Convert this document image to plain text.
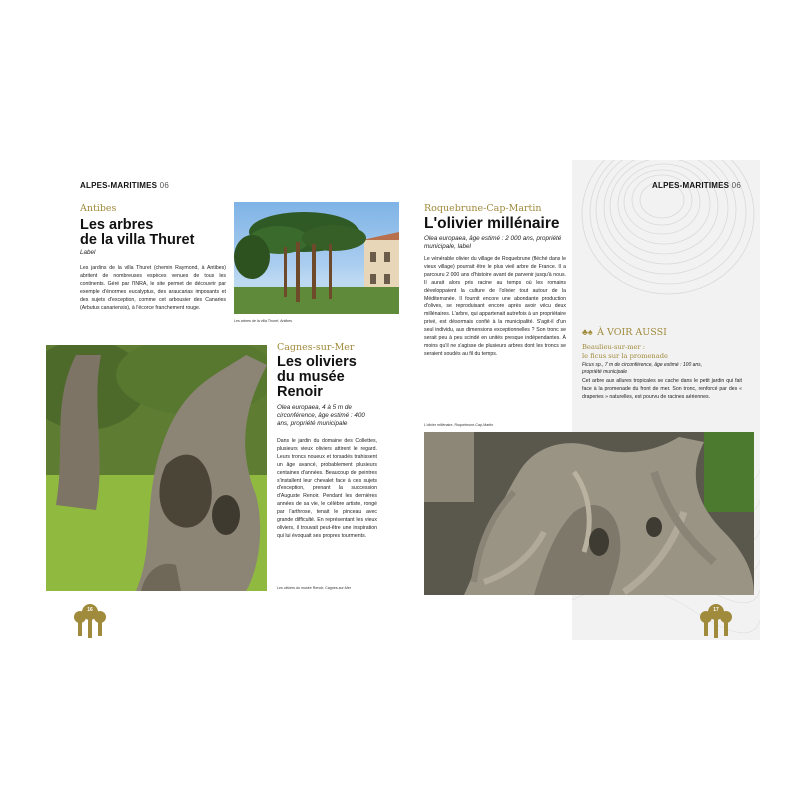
ALPES-MARITIMES 06
Antibes
Les arbres
de la villa Thuret
Label
Les jardins de la villa Thuret (chemin Raymond, à Antibes) abritent de nombreuses espèces venues de tous les continents. Géré par l'INRA, le site permet de découvrir par exemple d'énormes eucalyptus, des araucarias imposants et des sujets d'exception, comme cet arbousier des Canaries (Arbutus canariensis), à l'écorce franchement rouge.
Les arbres de la villa Thuret, Antibes
Les oliviers du musée Renoir, Cagnes-sur-Mer
Cagnes-sur-Mer
Les oliviers
du musée
Renoir
Olea europaea, 4 à 5 m de circonférence, âge estimé : 400 ans, propriété municipale
Dans le jardin du domaine des Collettes, plusieurs vieux oliviers attirent le regard. Leurs troncs noueux et torsadés trahissent un âge avancé, probablement plusieurs centaines d'années. Beaucoup de peintres s'installent leur chevalet face à ces sujets d'exception, prenant la succession d'Auguste Renoir. Pendant les dernières années de sa vie, le célèbre artiste, rongé par l'arthrose, tenait le pinceau avec grande difficulté. En représentant les vieux oliviers, il trouvait peut-être une inspiration qui lui évoquait ses propres tourments.
16
ALPES-MARITIMES 06
Roquebrune-Cap-Martin
L'olivier millénaire
Olea europaea, âge estimé : 2 000 ans, propriété municipale, label
Le vénérable olivier du village de Roquebrune (fléché dans le vieux village) pourrait être le plus vieil arbre de France. Il a parcouru 2 000 ans d'histoire avant de parvenir jusqu'à nous. Il aurait alors pris racine au temps où les romains développaient la culture de l'olivier tout autour de la Méditerranée. Il fournit encore une abondante production d'olives, se reproduisant encore après avoir vécu deux millénaires. L'arbre, qui appartenait autrefois à un propriétaire privé, est désormais confié à la municipalité. S'agit-il d'un seul individu, aux dimensions exceptionnelles ? Son tronc se serait peu à peu scindé en unités presque indépendantes. À moins qu'il ne s'agisse de plusieurs arbres dont les troncs se seraient soudés au fil du temps.
L'olivier millénaire, Roquebrune-Cap-Martin
♣♠ À VOIR AUSSI
Beaulieu-sur-mer :
le ficus sur la promenade
Ficus sp., 7 m de circonférence, âge estimé : 100 ans, propriété municipale
Cet arbre aux allures tropicales se cache dans le petit jardin qui fait face à la promenade du front de mer. Son tronc, renforcé par des « draperies » naturelles, est pourvu de racines aériennes.
17
